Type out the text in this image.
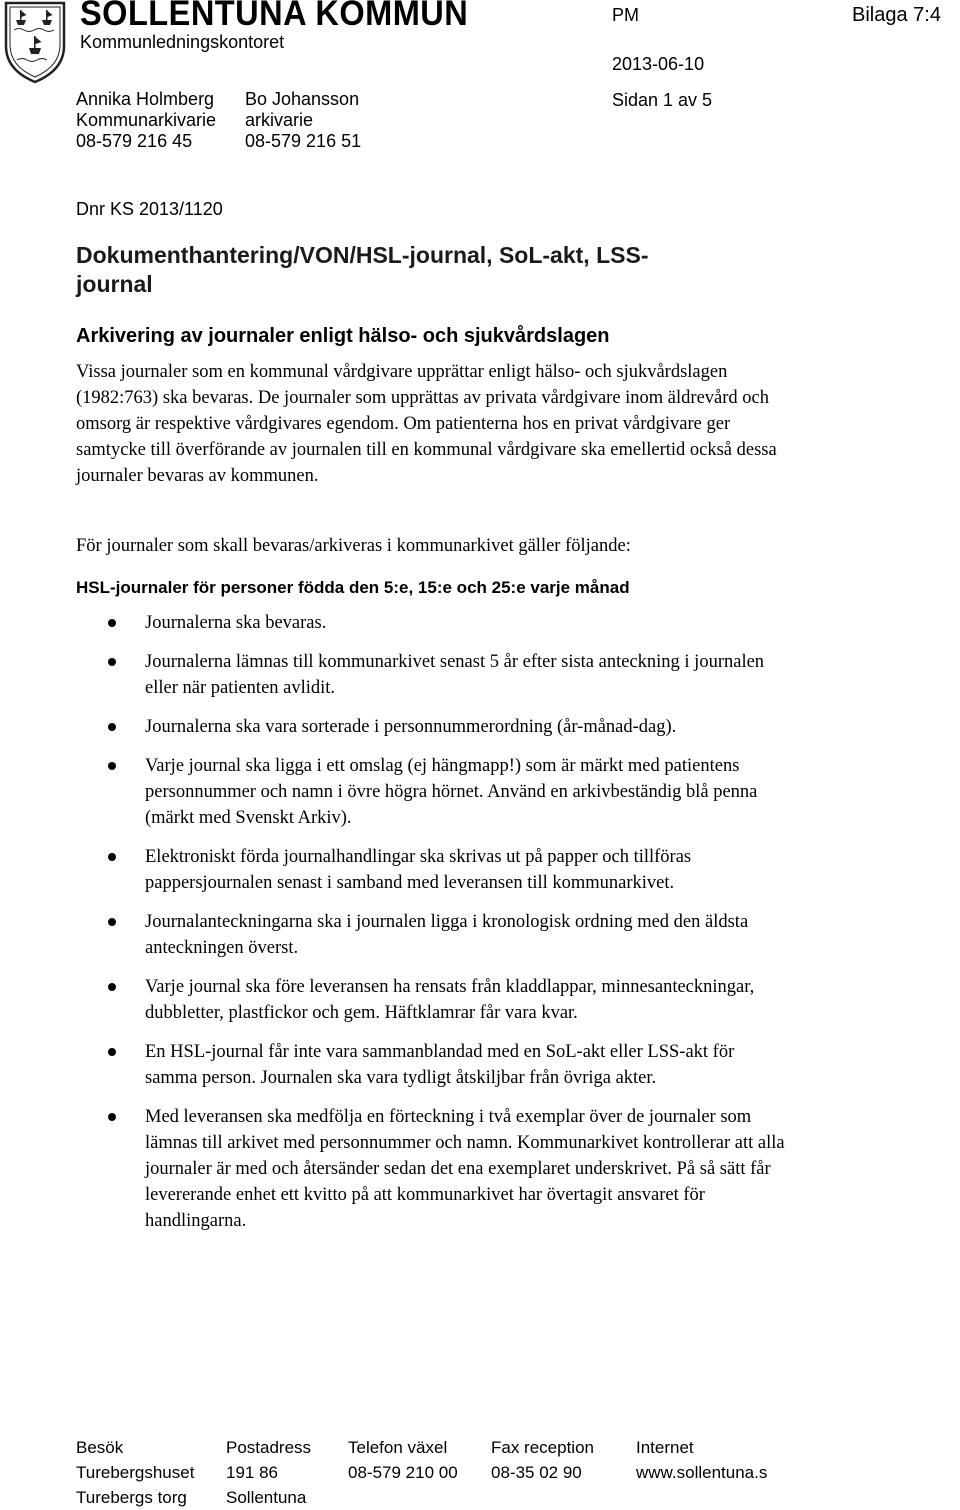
SOLLENTUNA KOMMUN
Kommunledningskontoret
PM	Bilaga 7:4
2013-06-10
Sidan 1 av 5
Annika Holmberg
Kommunarkivarie
08-579 216 45
Bo Johansson
arkivarie
08-579 216 51
Dnr KS 2013/1120
Dokumenthantering/VON/HSL-journal, SoL-akt, LSS-
journal
Arkivering av journaler enligt hälso- och sjukvårdslagen
Vissa journaler som en kommunal vårdgivare upprättar enligt hälso- och sjukvårdslagen (1982:763) ska bevaras. De journaler som upprättas av privata vårdgivare inom äldrevård och omsorg är respektive vårdgivares egendom. Om patienterna hos en privat vårdgivare ger samtycke till överförande av journalen till en kommunal vårdgivare ska emellertid också dessa journaler bevaras av kommunen.
För journaler som skall bevaras/arkiveras i kommunarkivet gäller följande:
HSL-journaler för personer födda den 5:e, 15:e och 25:e varje månad
Journalerna ska bevaras.
Journalerna lämnas till kommunarkivet senast 5 år efter sista anteckning i journalen eller när patienten avlidit.
Journalerna ska vara sorterade i personnummerordning (år-månad-dag).
Varje journal ska ligga i ett omslag (ej hängmapp!) som är märkt med patientens personnummer och namn i övre högra hörnet. Använd en arkivbeständig blå penna (märkt med Svenskt Arkiv).
Elektroniskt förda journalhandlingar ska skrivas ut på papper och tillföras pappersjournalen senast i samband med leveransen till kommunarkivet.
Journalanteckningarna ska i journalen ligga i kronologisk ordning med den äldsta anteckningen överst.
Varje journal ska före leveransen ha rensats från kladdlappar, minnesanteckningar, dubbletter, plastfickor och gem. Häftklamrar får vara kvar.
En HSL-journal får inte vara sammanblandad med en SoL-akt eller LSS-akt för samma person. Journalen ska vara tydligt åtskiljbar från övriga akter.
Med leveransen ska medfölja en förteckning i två exemplar över de journaler som lämnas till arkivet med personnummer och namn. Kommunarkivet kontrollerar att alla journaler är med och återsänder sedan det ena exemplaret underskrivet. På så sätt får levererande enhet ett kvitto på att kommunarkivet har övertagit ansvaret för handlingarna.
Besök
Turebergshuset
Turebergs torg
Postadress
191 86
Sollentuna
Telefon växel
08-579 210 00
Fax reception
08-35 02 90
Internet
www.sollentuna.s
